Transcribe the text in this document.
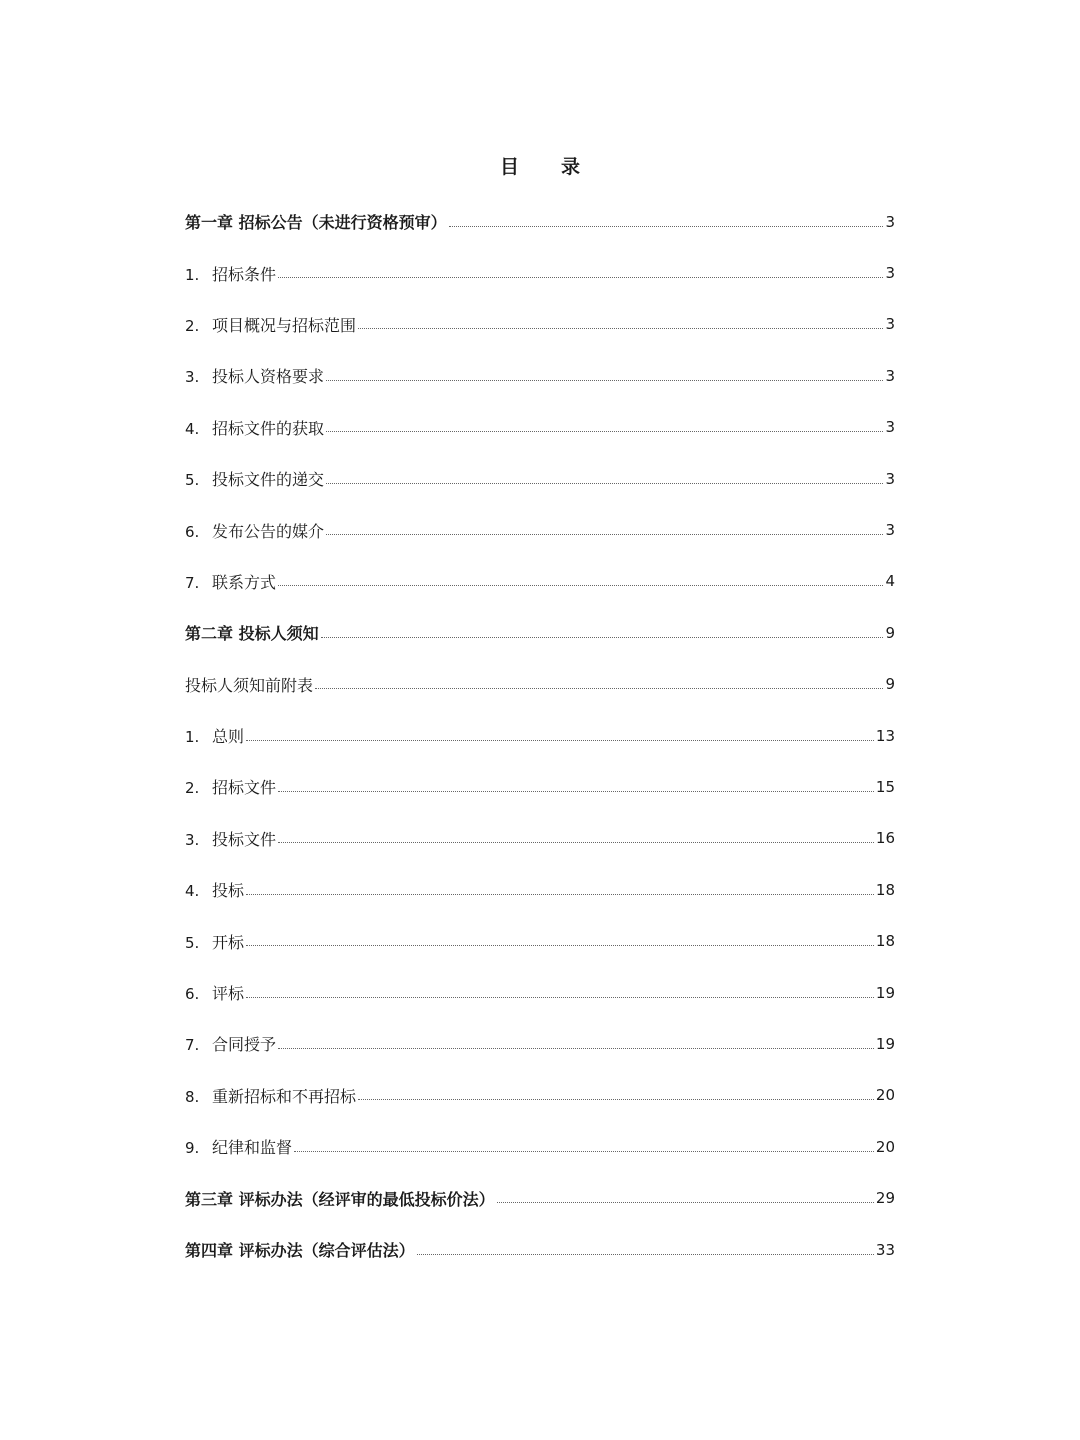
目 录
第一章 招标公告（未进行资格预审）	3
1. 招标条件	3
2. 项目概况与招标范围	3
3. 投标人资格要求	3
4. 招标文件的获取	3
5. 投标文件的递交	3
6. 发布公告的媒介	3
7. 联系方式	4
第二章 投标人须知	9
投标人须知前附表	9
1. 总则	13
2. 招标文件	15
3. 投标文件	16
4. 投标	18
5. 开标	18
6. 评标	19
7. 合同授予	19
8. 重新招标和不再招标	20
9. 纪律和监督	20
第三章 评标办法（经评审的最低投标价法）	29
第四章 评标办法（综合评估法）	33
